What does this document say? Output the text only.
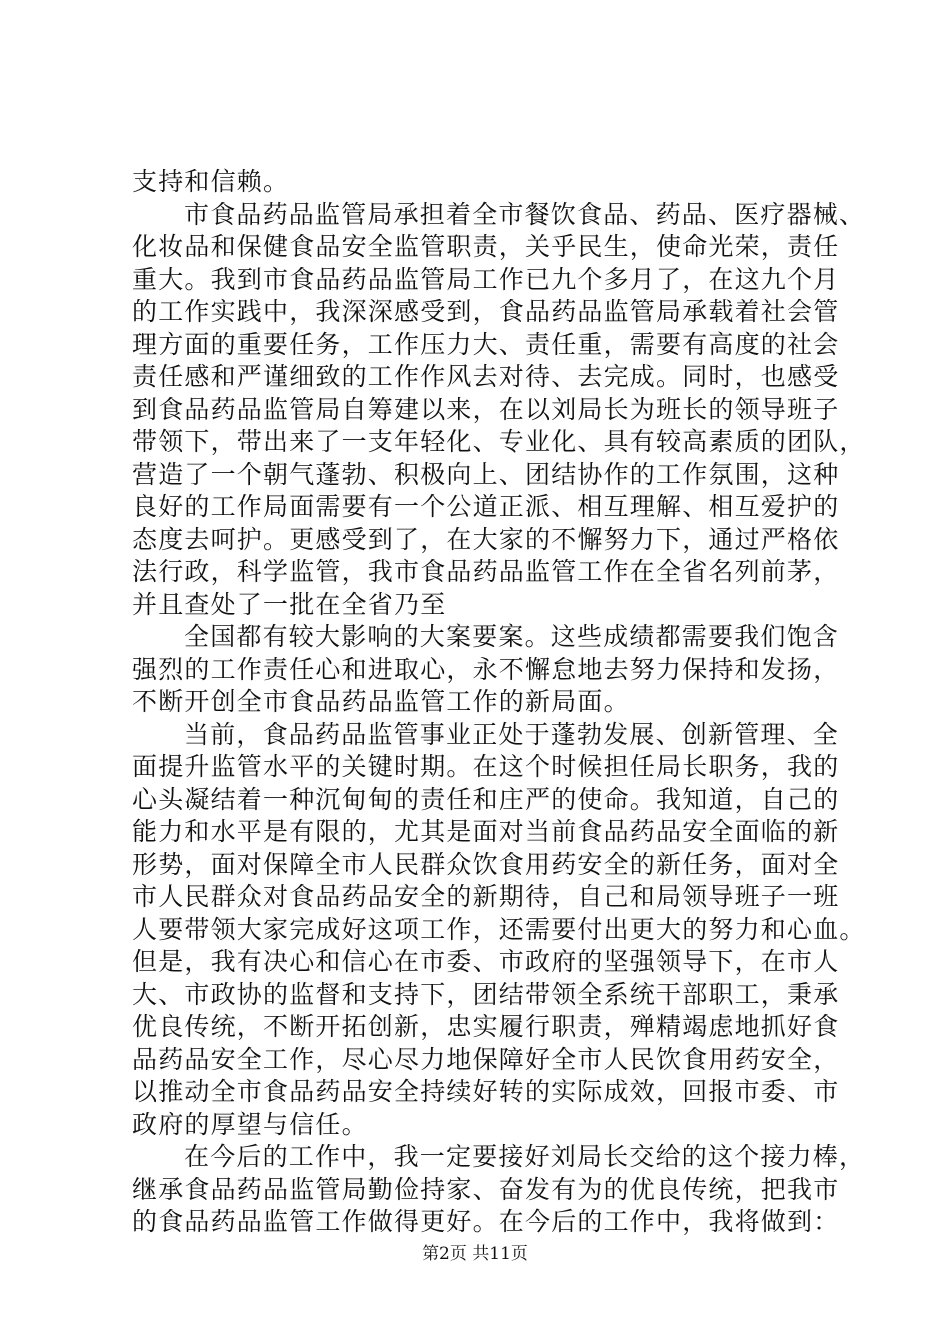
支持和信赖。
市食品药品监管局承担着全市餐饮食品、药品、医疗器械、
化妆品和保健食品安全监管职责，关乎民生，使命光荣，责任
重大。我到市食品药品监管局工作已九个多月了，在这九个月
的工作实践中，我深深感受到，食品药品监管局承载着社会管
理方面的重要任务，工作压力大、责任重，需要有高度的社会
责任感和严谨细致的工作作风去对待、去完成。同时，也感受
到食品药品监管局自筹建以来，在以刘局长为班长的领导班子
带领下，带出来了一支年轻化、专业化、具有较高素质的团队，
营造了一个朝气蓬勃、积极向上、团结协作的工作氛围，这种
良好的工作局面需要有一个公道正派、相互理解、相互爱护的
态度去呵护。更感受到了，在大家的不懈努力下，通过严格依
法行政，科学监管，我市食品药品监管工作在全省名列前茅，
并且查处了一批在全省乃至
全国都有较大影响的大案要案。这些成绩都需要我们饱含
强烈的工作责任心和进取心，永不懈怠地去努力保持和发扬，
不断开创全市食品药品监管工作的新局面。
当前，食品药品监管事业正处于蓬勃发展、创新管理、全
面提升监管水平的关键时期。在这个时候担任局长职务，我的
心头凝结着一种沉甸甸的责任和庄严的使命。我知道，自己的
能力和水平是有限的，尤其是面对当前食品药品安全面临的新
形势，面对保障全市人民群众饮食用药安全的新任务，面对全
市人民群众对食品药品安全的新期待，自己和局领导班子一班
人要带领大家完成好这项工作，还需要付出更大的努力和心血。
但是，我有决心和信心在市委、市政府的坚强领导下，在市人
大、市政协的监督和支持下，团结带领全系统干部职工，秉承
优良传统，不断开拓创新，忠实履行职责，殚精竭虑地抓好食
品药品安全工作，尽心尽力地保障好全市人民饮食用药安全，
以推动全市食品药品安全持续好转的实际成效，回报市委、市
政府的厚望与信任。
在今后的工作中，我一定要接好刘局长交给的这个接力棒，
继承食品药品监管局勤俭持家、奋发有为的优良传统，把我市
的食品药品监管工作做得更好。在今后的工作中，我将做到：
第2页 共11页
